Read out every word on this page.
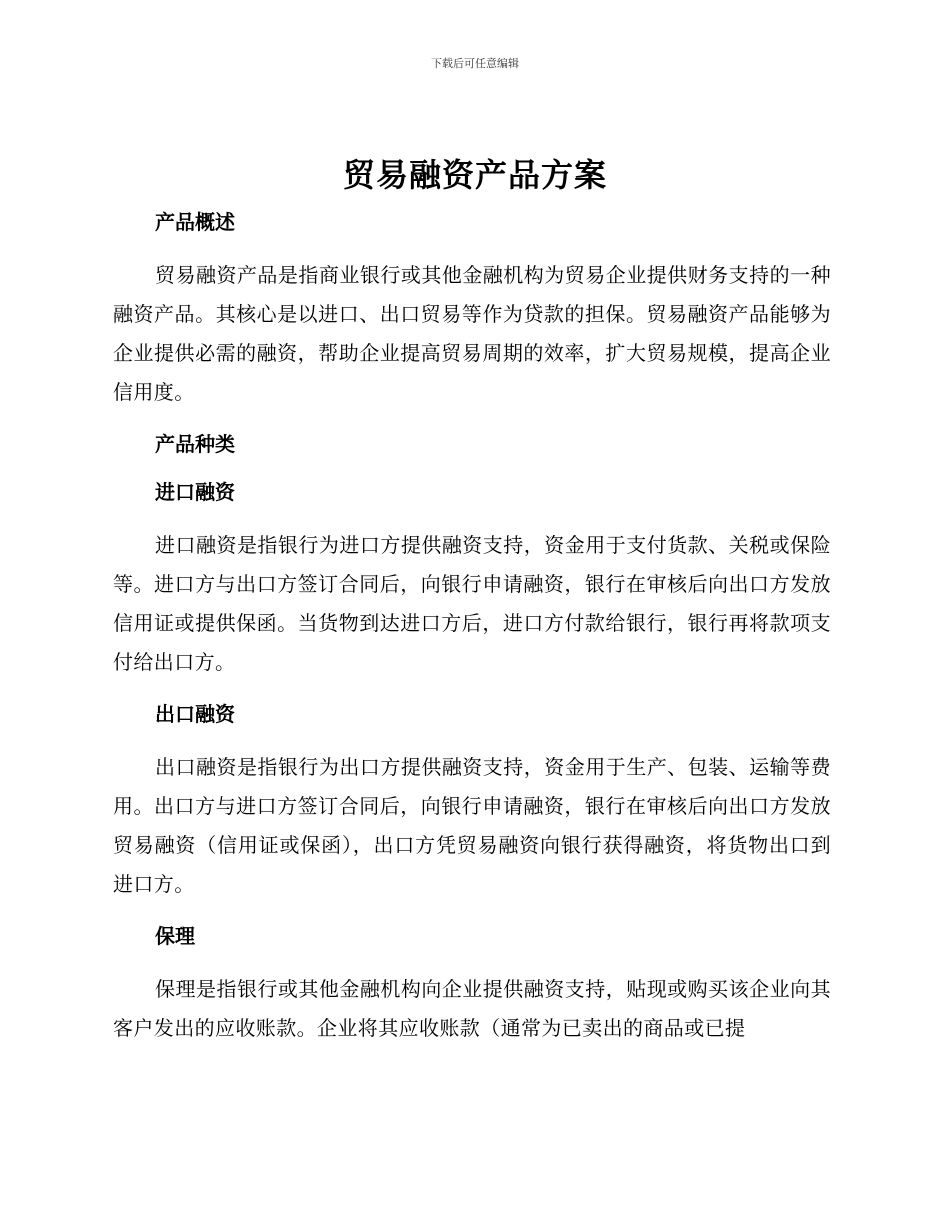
下载后可任意编辑
贸易融资产品方案
产品概述

贸易融资产品是指商业银行或其他金融机构为贸易企业提供财务支持的一种融资产品。其核心是以进口、出口贸易等作为贷款的担保。贸易融资产品能够为企业提供必需的融资，帮助企业提高贸易周期的效率，扩大贸易规模，提高企业信用度。

产品种类
进口融资

进口融资是指银行为进口方提供融资支持，资金用于支付货款、关税或保险等。进口方与出口方签订合同后，向银行申请融资，银行在审核后向出口方发放信用证或提供保函。当货物到达进口方后，进口方付款给银行，银行再将款项支付给出口方。

出口融资

出口融资是指银行为出口方提供融资支持，资金用于生产、包装、运输等费用。出口方与进口方签订合同后，向银行申请融资，银行在审核后向出口方发放贸易融资（信用证或保函），出口方凭贸易融资向银行获得融资，将货物出口到进口方。

保理

保理是指银行或其他金融机构向企业提供融资支持，贴现或购买该企业向其客户发出的应收账款。企业将其应收账款（通常为已卖出的商品或已提
